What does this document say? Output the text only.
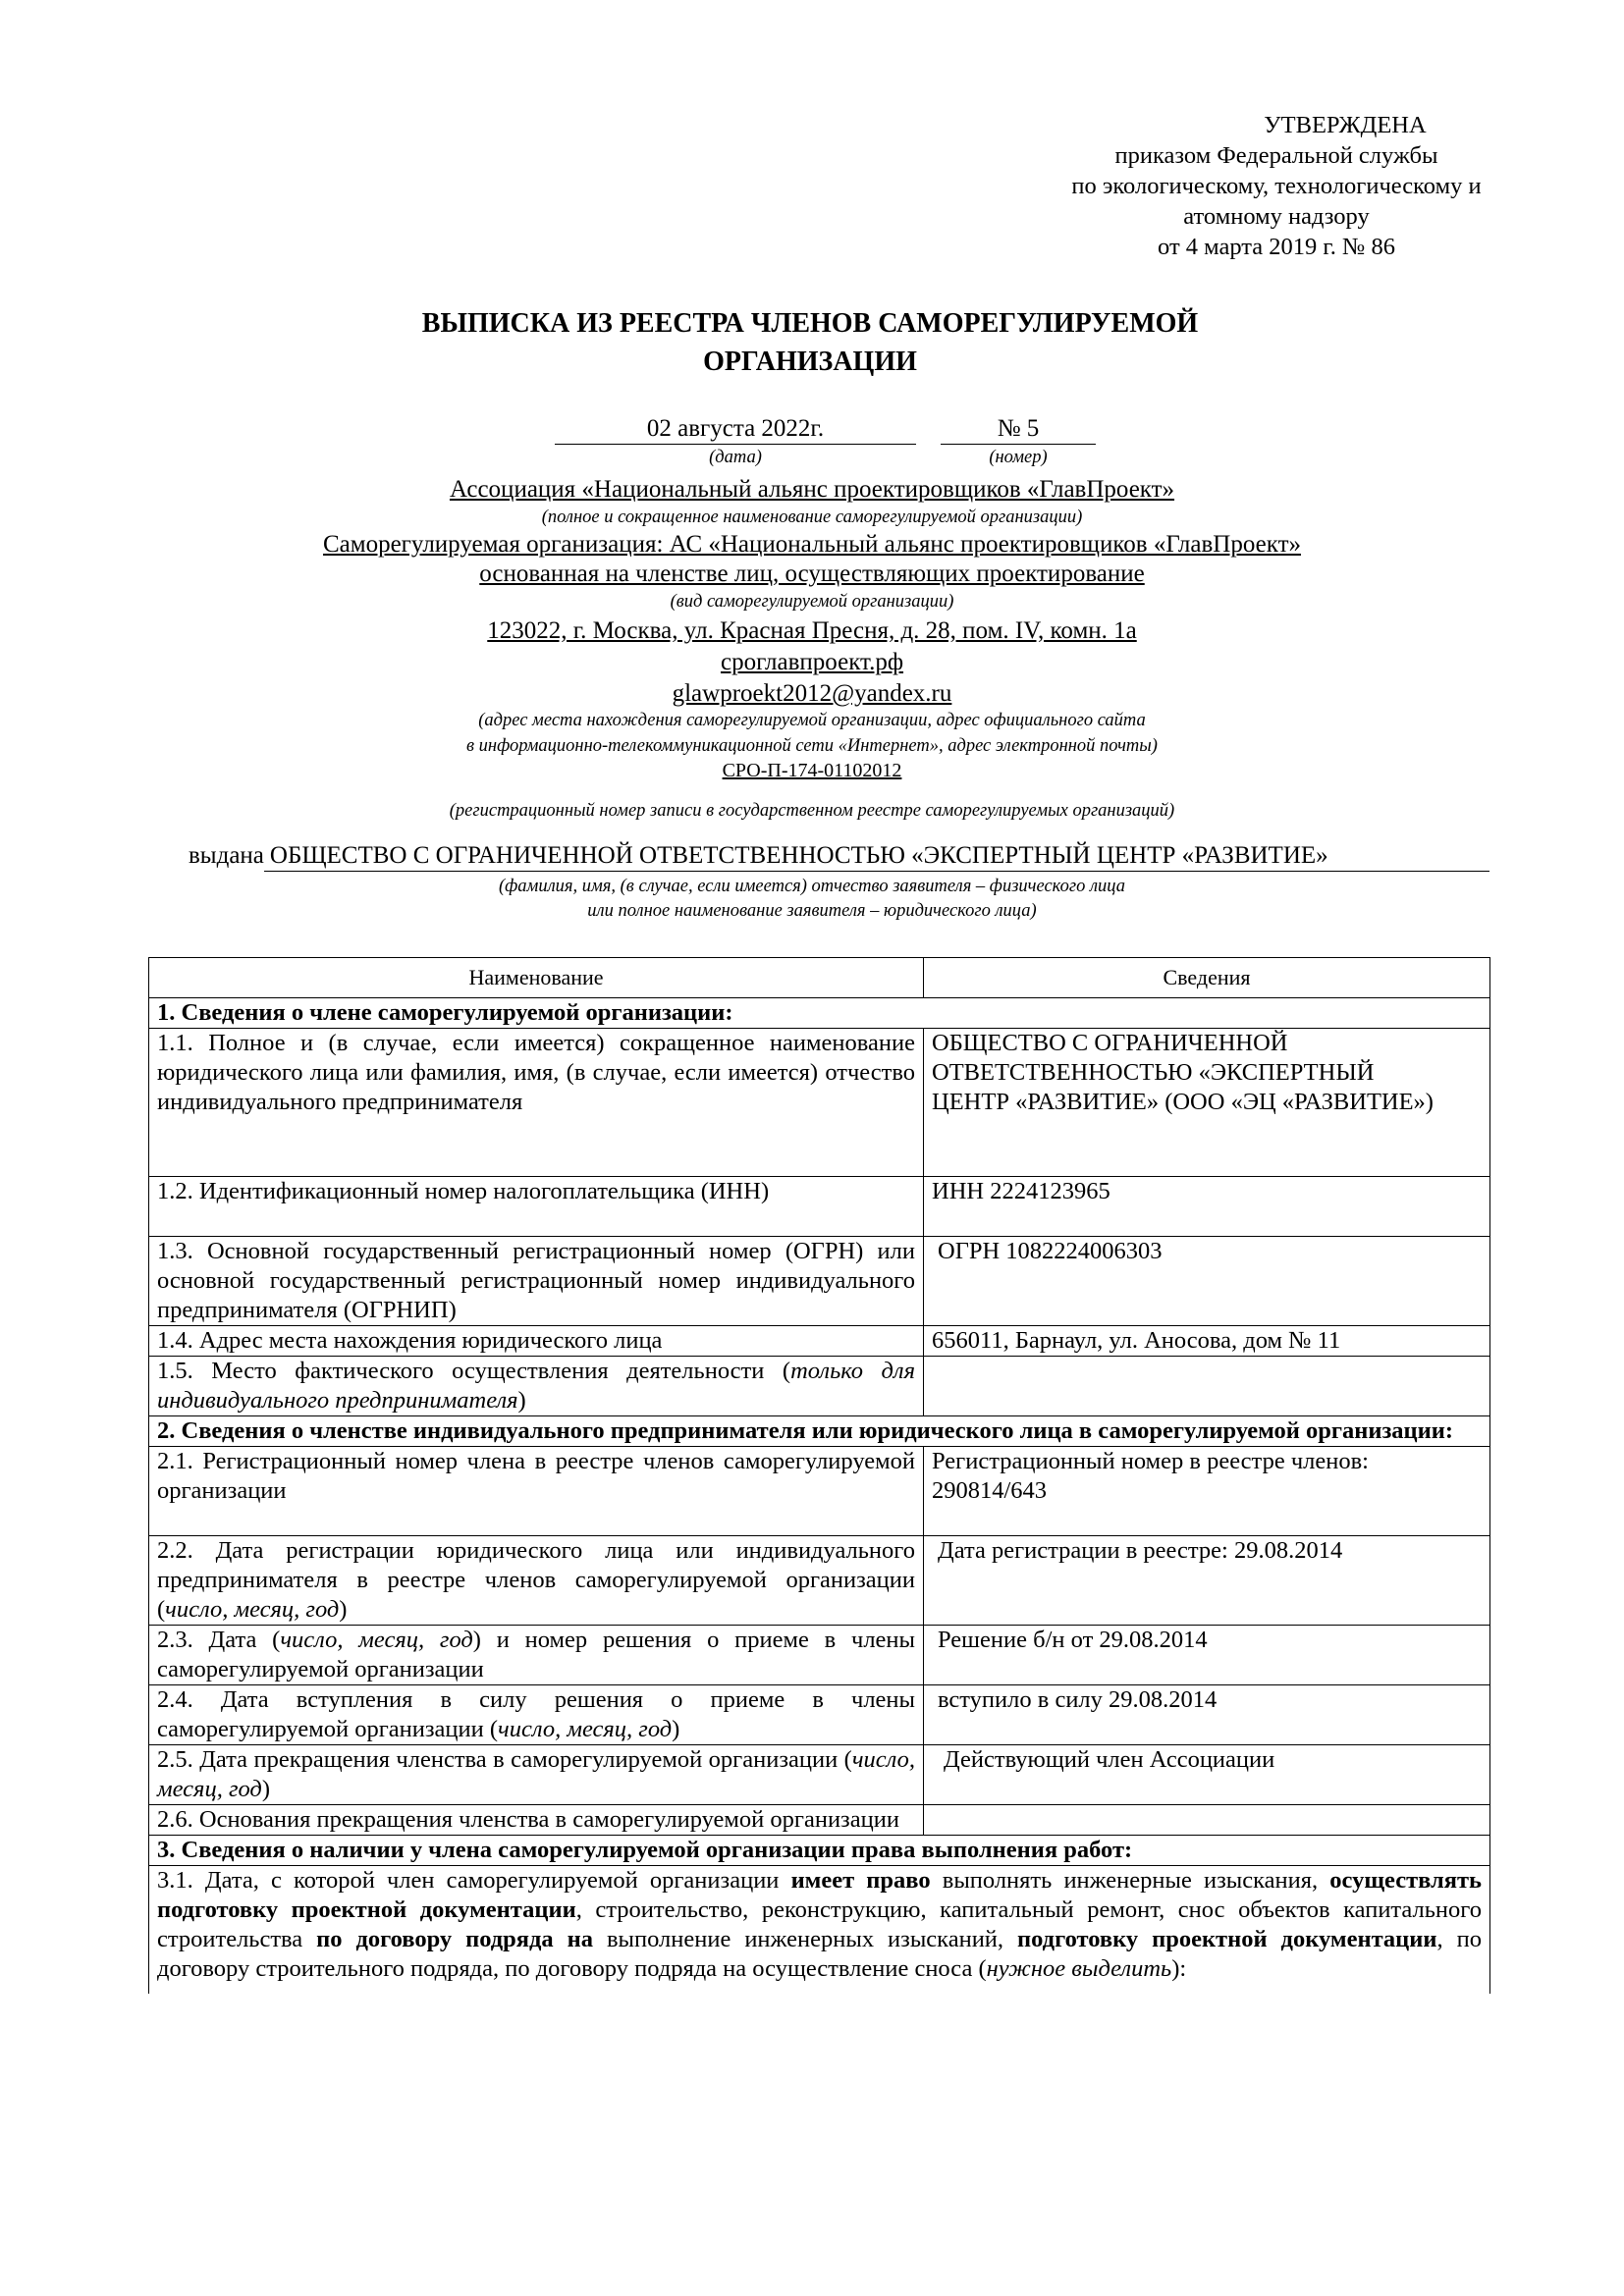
УТВЕРЖДЕНА
приказом Федеральной службы
по экологическому, технологическому и
атомному надзору
от 4 марта 2019 г. № 86
ВЫПИСКА ИЗ РЕЕСТРА ЧЛЕНОВ САМОРЕГУЛИРУЕМОЙ
ОРГАНИЗАЦИИ
02 августа 2022г.	№ 5
(дата)	(номер)
Ассоциация «Национальный альянс проектировщиков «ГлавПроект»
(полное и сокращенное наименование саморегулируемой организации)
Саморегулируемая организация: АС «Национальный альянс проектировщиков «ГлавПроект»
основанная на членстве лиц, осуществляющих проектирование
(вид саморегулируемой организации)
123022, г. Москва, ул. Красная Пресня, д. 28, пом. IV, комн. 1а
сроглавпроект.рф
glawproekt2012@yandex.ru
(адрес места нахождения саморегулируемой организации, адрес официального сайта
в информационно-телекоммуникационной сети «Интернет», адрес электронной почты)
СРО-П-174-01102012
(регистрационный номер записи в государственном реестре саморегулируемых организаций)
выдана ОБЩЕСТВО С ОГРАНИЧЕННОЙ ОТВЕТСТВЕННОСТЬЮ «ЭКСПЕРТНЫЙ ЦЕНТР «РАЗВИТИЕ»
(фамилия, имя, (в случае, если имеется) отчество заявителя – физического лица
или полное наименование заявителя – юридического лица)
Наименование	Сведения
1. Сведения о члене саморегулируемой организации:	
1.1. Полное и (в случае, если имеется) сокращенное наименование юридического лица или фамилия, имя, (в случае, если имеется) отчество индивидуального предпринимателя	ОБЩЕСТВО С ОГРАНИЧЕННОЙ ОТВЕТСТВЕННОСТЬЮ «ЭКСПЕРТНЫЙ ЦЕНТР «РАЗВИТИЕ» (ООО «ЭЦ «РАЗВИТИЕ»)

1.2. Идентификационный номер налогоплательщика (ИНН)	ИНН 2224123965
1.3. Основной государственный регистрационный номер (ОГРН) или основной государственный регистрационный номер индивидуального предпринимателя (ОГРНИП)	ОГРН 1082224006303
1.4. Адрес места нахождения юридического лица	656011, Барнаул, ул. Аносова, дом № 11
1.5. Место фактического осуществления деятельности (только для индивидуального предпринимателя)	
2. Сведения о членстве индивидуального предпринимателя или юридического лица в саморегулируемой организации:	
2.1. Регистрационный номер члена в реестре членов саморегулируемой организации	Регистрационный номер в реестре членов: 290814/643

2.2. Дата регистрации юридического лица или индивидуального предпринимателя в реестре членов саморегулируемой организации (число, месяц, год)	Дата регистрации в реестре: 29.08.2014
2.3. Дата (число, месяц, год) и номер решения о приеме в члены саморегулируемой организации	Решение б/н от 29.08.2014
2.4. Дата вступления в силу решения о приеме в члены саморегулируемой организации (число, месяц, год)	вступило в силу 29.08.2014
2.5. Дата прекращения членства в саморегулируемой организации (число, месяц, год)	Действующий член Ассоциации
2.6. Основания прекращения членства в саморегулируемой организации	
3. Сведения о наличии у члена саморегулируемой организации права выполнения работ:	
3.1. Дата, с которой член саморегулируемой организации имеет право выполнять инженерные изыскания, осуществлять подготовку проектной документации, строительство, реконструкцию, капитальный ремонт, снос объектов капитального строительства по договору подряда на выполнение инженерных изысканий, подготовку проектной документации, по договору строительного подряда, по договору подряда на осуществление сноса (нужное выделить):	
